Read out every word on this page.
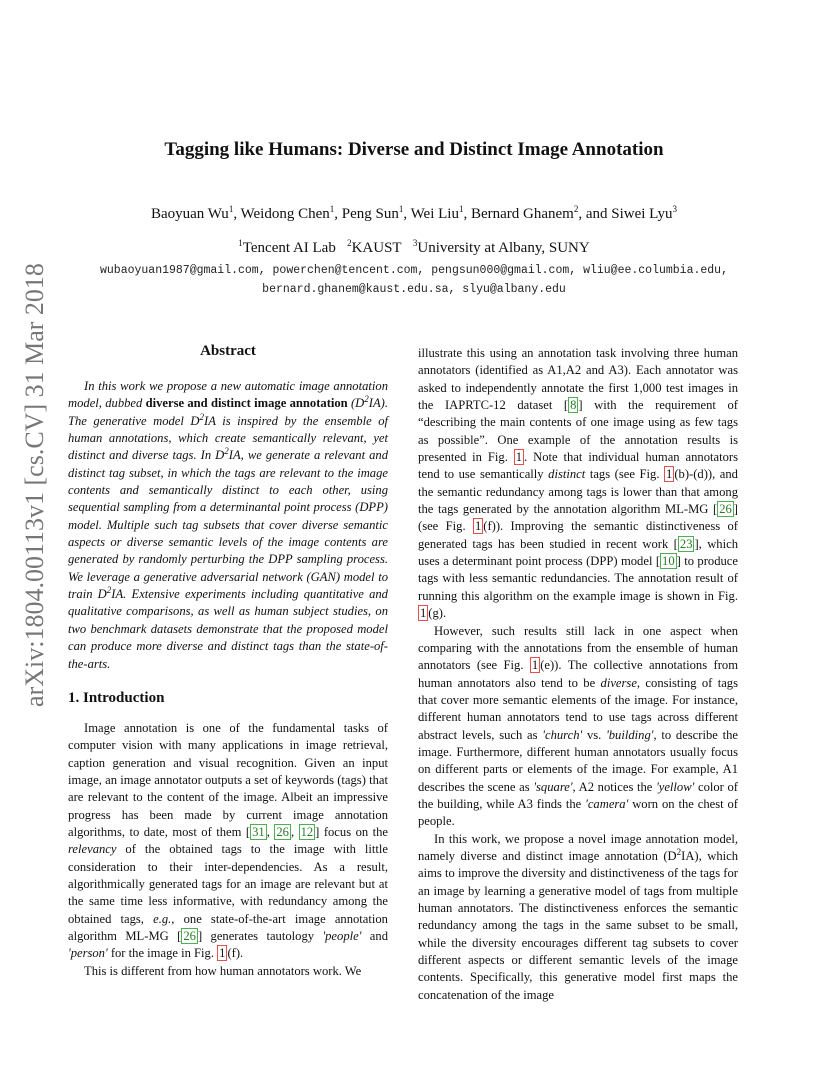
arXiv:1804.00113v1 [cs.CV] 31 Mar 2018
Tagging like Humans: Diverse and Distinct Image Annotation
Baoyuan Wu$^1$, Weidong Chen$^1$, Peng Sun$^1$, Wei Liu$^1$, Bernard Ghanem$^2$, and Siwei Lyu$^3$
$^1$Tencent AI Lab $^2$KAUST $^3$University at Albany, SUNY
wubaoyuan1987@gmail.com, powerchen@tencent.com, pengsun000@gmail.com, wliu@ee.columbia.edu,
bernard.ghanem@kaust.edu.sa, slyu@albany.edu
Abstract

In this work we propose a new automatic image annotation model, dubbed diverse and distinct image annotation $(D^2IA)$. The generative model $D^2IA$ is inspired by the ensemble of human annotations, which create semantically relevant, yet distinct and diverse tags. In $D^2IA$, we generate a relevant and distinct tag subset, in which the tags are relevant to the image contents and semantically distinct to each other, using sequential sampling from a determinantal point process (DPP) model. Multiple such tag subsets that cover diverse semantic aspects or diverse semantic levels of the image contents are generated by randomly perturbing the DPP sampling process. We leverage a generative adversarial network (GAN) model to train $D^2IA$. Extensive experiments including quantitative and qualitative comparisons, as well as human subject studies, on two benchmark datasets demonstrate that the proposed model can produce more diverse and distinct tags than the state-of-the-arts.

1. Introduction

Image annotation is one of the fundamental tasks of computer vision with many applications in image retrieval, caption generation and visual recognition. Given an input image, an image annotator outputs a set of keywords (tags) that are relevant to the content of the image. Albeit an impressive progress has been made by current image annotation algorithms, to date, most of them [ 31 , 26 , 12 ] focus on the relevancy of the obtained tags to the image with little consideration to their inter-dependencies. As a result, algorithmically generated tags for an image are relevant but at the same time less informative, with redundancy among the obtained tags, e.g., one state-of-the-art image annotation algorithm ML-MG [ 26 ] generates tautology 'people' and 'person' for the image in Fig. 1 (f).

This is different from how human annotators work. We

illustrate this using an annotation task involving three human annotators (identified as A1,A2 and A3). Each annotator was asked to independently annotate the first 1,000 test images in the IAPRTC-12 dataset [ 8 ] with the requirement of “describing the main contents of one image using as few tags as possible”. One example of the annotation results is presented in Fig. 1 . Note that individual human annotators tend to use semantically distinct tags (see Fig. 1 (b)-(d)), and the semantic redundancy among tags is lower than that among the tags generated by the annotation algorithm ML-MG [ 26 ] (see Fig. 1 (f)). Improving the semantic distinctiveness of generated tags has been studied in recent work [ 23 ], which uses a determinant point process (DPP) model [ 10 ] to produce tags with less semantic redundancies. The annotation result of running this algorithm on the example image is shown in Fig. 1 (g).

However, such results still lack in one aspect when comparing with the annotations from the ensemble of human annotators (see Fig. 1 (e)). The collective annotations from human annotators also tend to be diverse, consisting of tags that cover more semantic elements of the image. For instance, different human annotators tend to use tags across different abstract levels, such as 'church' vs. 'building', to describe the image. Furthermore, different human annotators usually focus on different parts or elements of the image. For example, A1 describes the scene as 'square', A2 notices the 'yellow' color of the building, while A3 finds the 'camera' worn on the chest of people.

In this work, we propose a novel image annotation model, namely diverse and distinct image annotation $(D^2IA)$, which aims to improve the diversity and distinctiveness of the tags for an image by learning a generative model of tags from multiple human annotators. The distinctiveness enforces the semantic redundancy among the tags in the same subset to be small, while the diversity encourages different tag subsets to cover different aspects or different semantic levels of the image contents. Specifically, this generative model first maps the concatenation of the image
